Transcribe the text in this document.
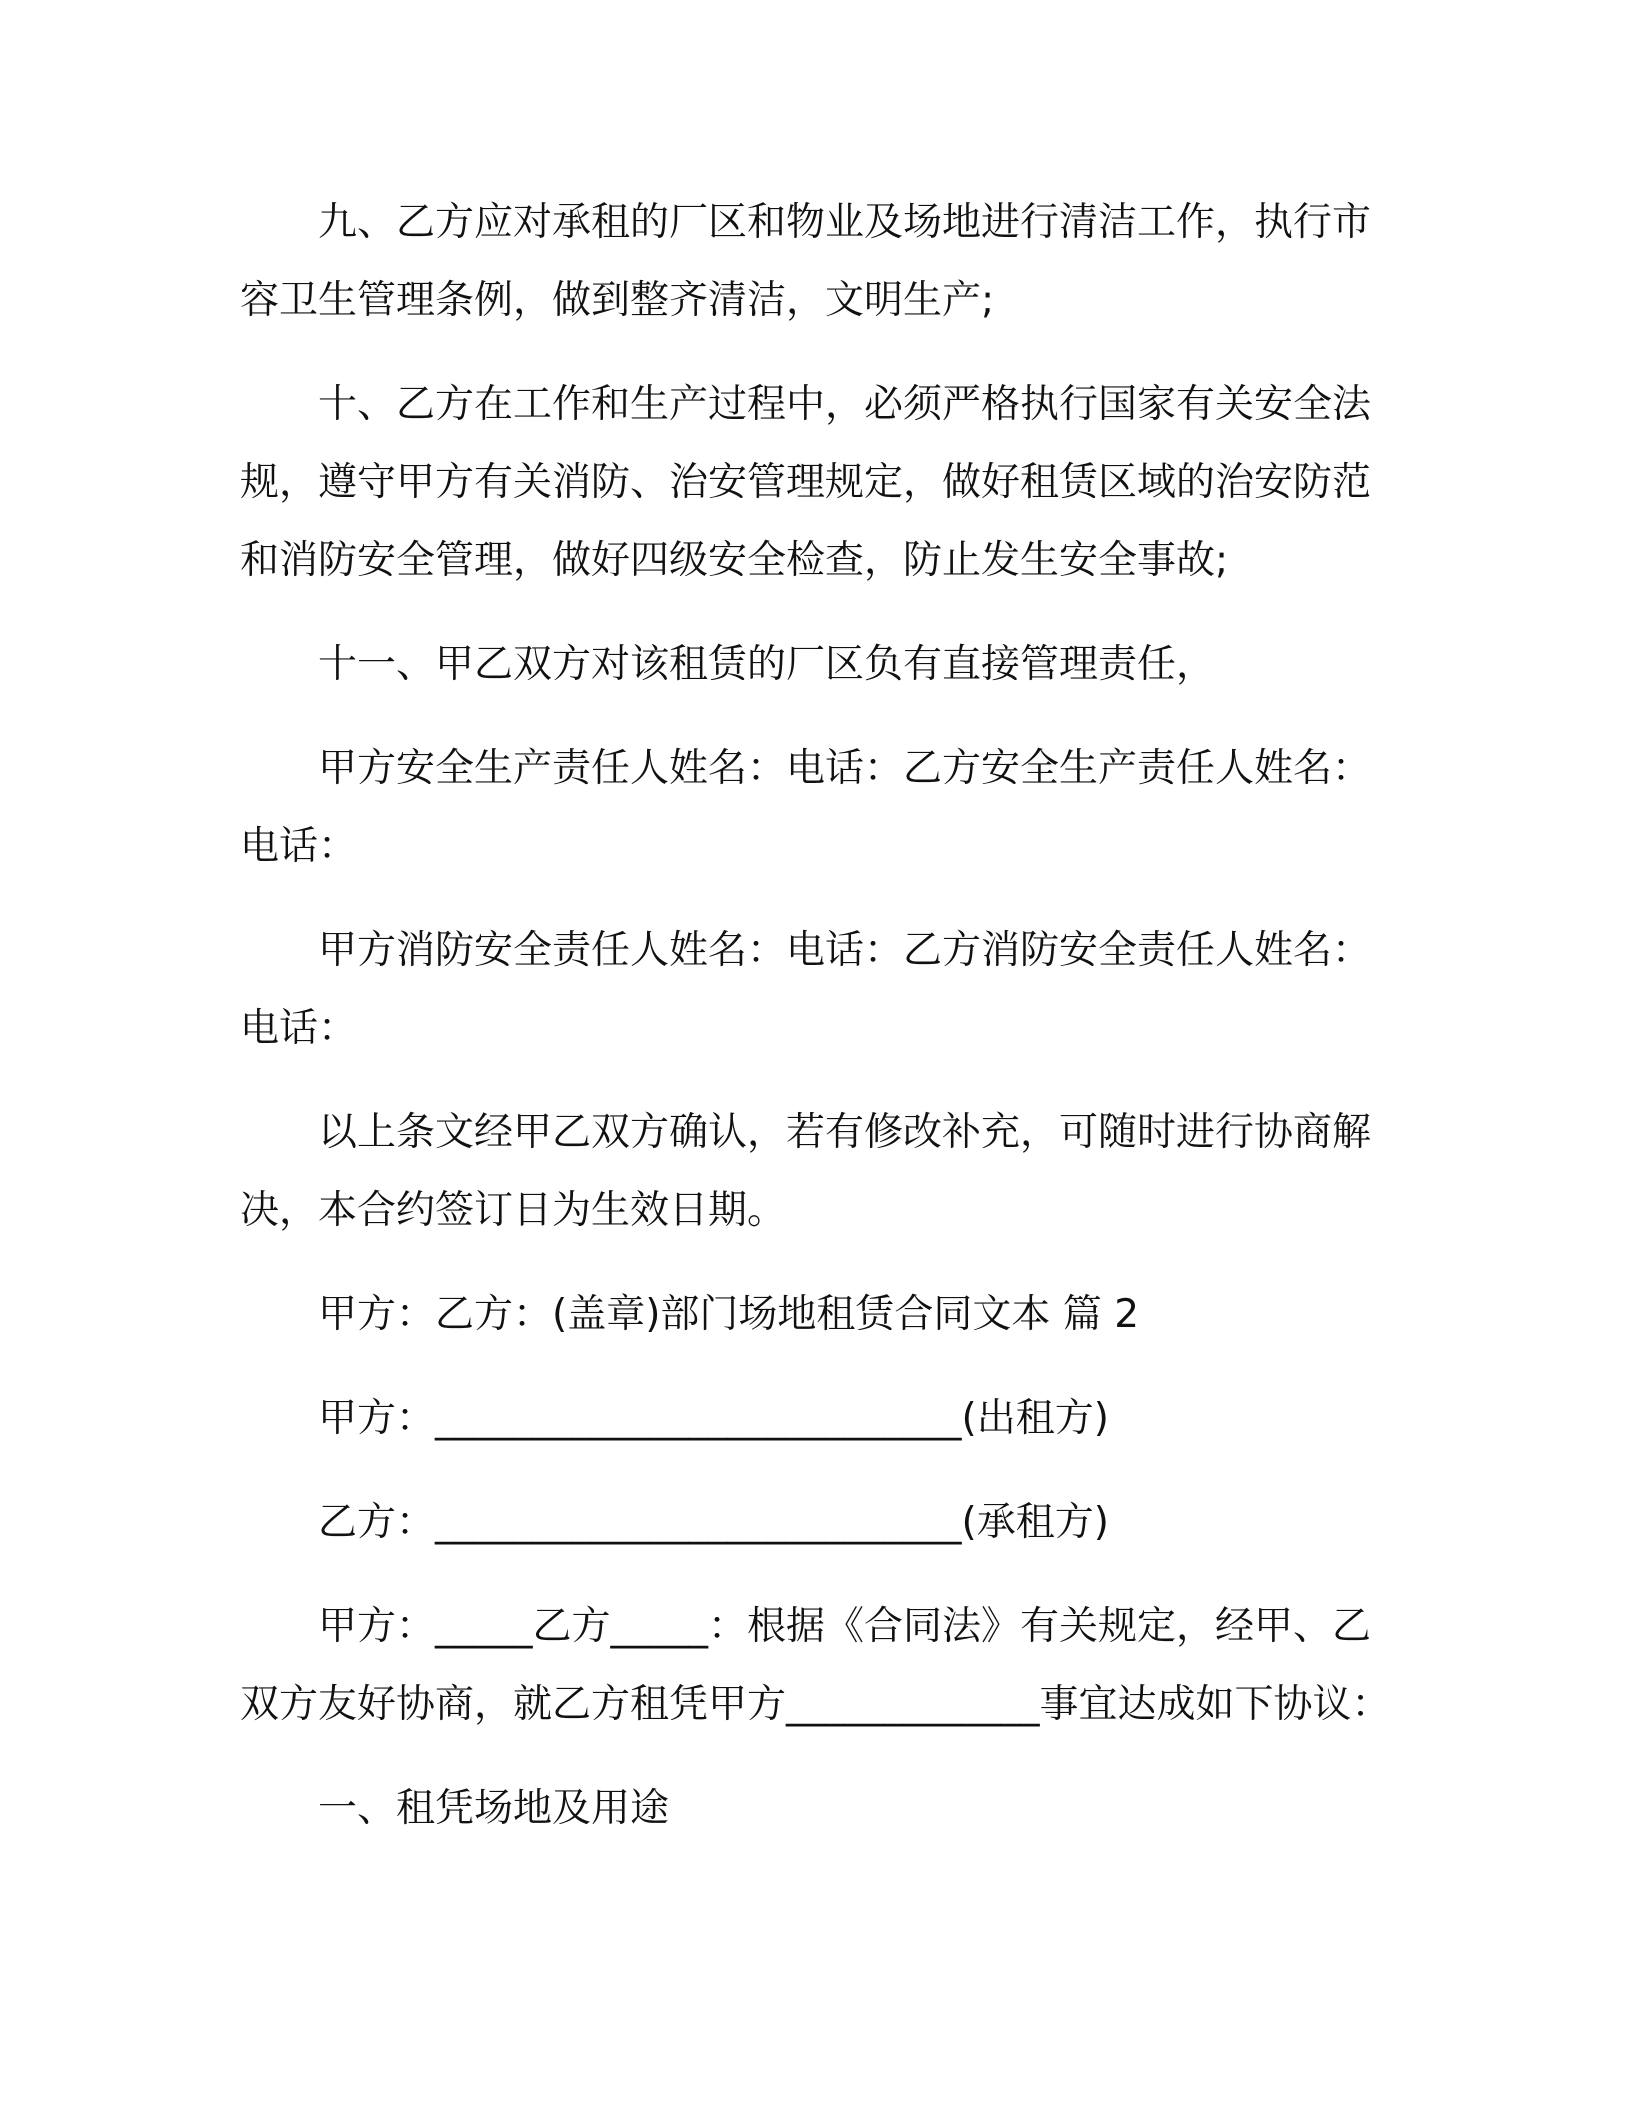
九、乙方应对承租的厂区和物业及场地进行清洁工作，执行市容卫生管理条例，做到整齐清洁，文明生产;

十、乙方在工作和生产过程中，必须严格执行国家有关安全法规，遵守甲方有关消防、治安管理规定，做好租赁区域的治安防范和消防安全管理，做好四级安全检查，防止发生安全事故;

十一、甲乙双方对该租赁的厂区负有直接管理责任，

甲方安全生产责任人姓名：电话：乙方安全生产责任人姓名：电话：

甲方消防安全责任人姓名：电话：乙方消防安全责任人姓名：电话：

以上条文经甲乙双方确认，若有修改补充，可随时进行协商解决，本合约签订日为生效日期。

甲方：乙方：(盖章)部门场地租赁合同文本 篇 2

甲方：___________________________(出租方)

乙方：___________________________(承租方)

甲方：_____乙方_____：根据《合同法》有关规定，经甲、乙双方友好协商，就乙方租凭甲方_____________事宜达成如下协议：

一、租凭场地及用途
